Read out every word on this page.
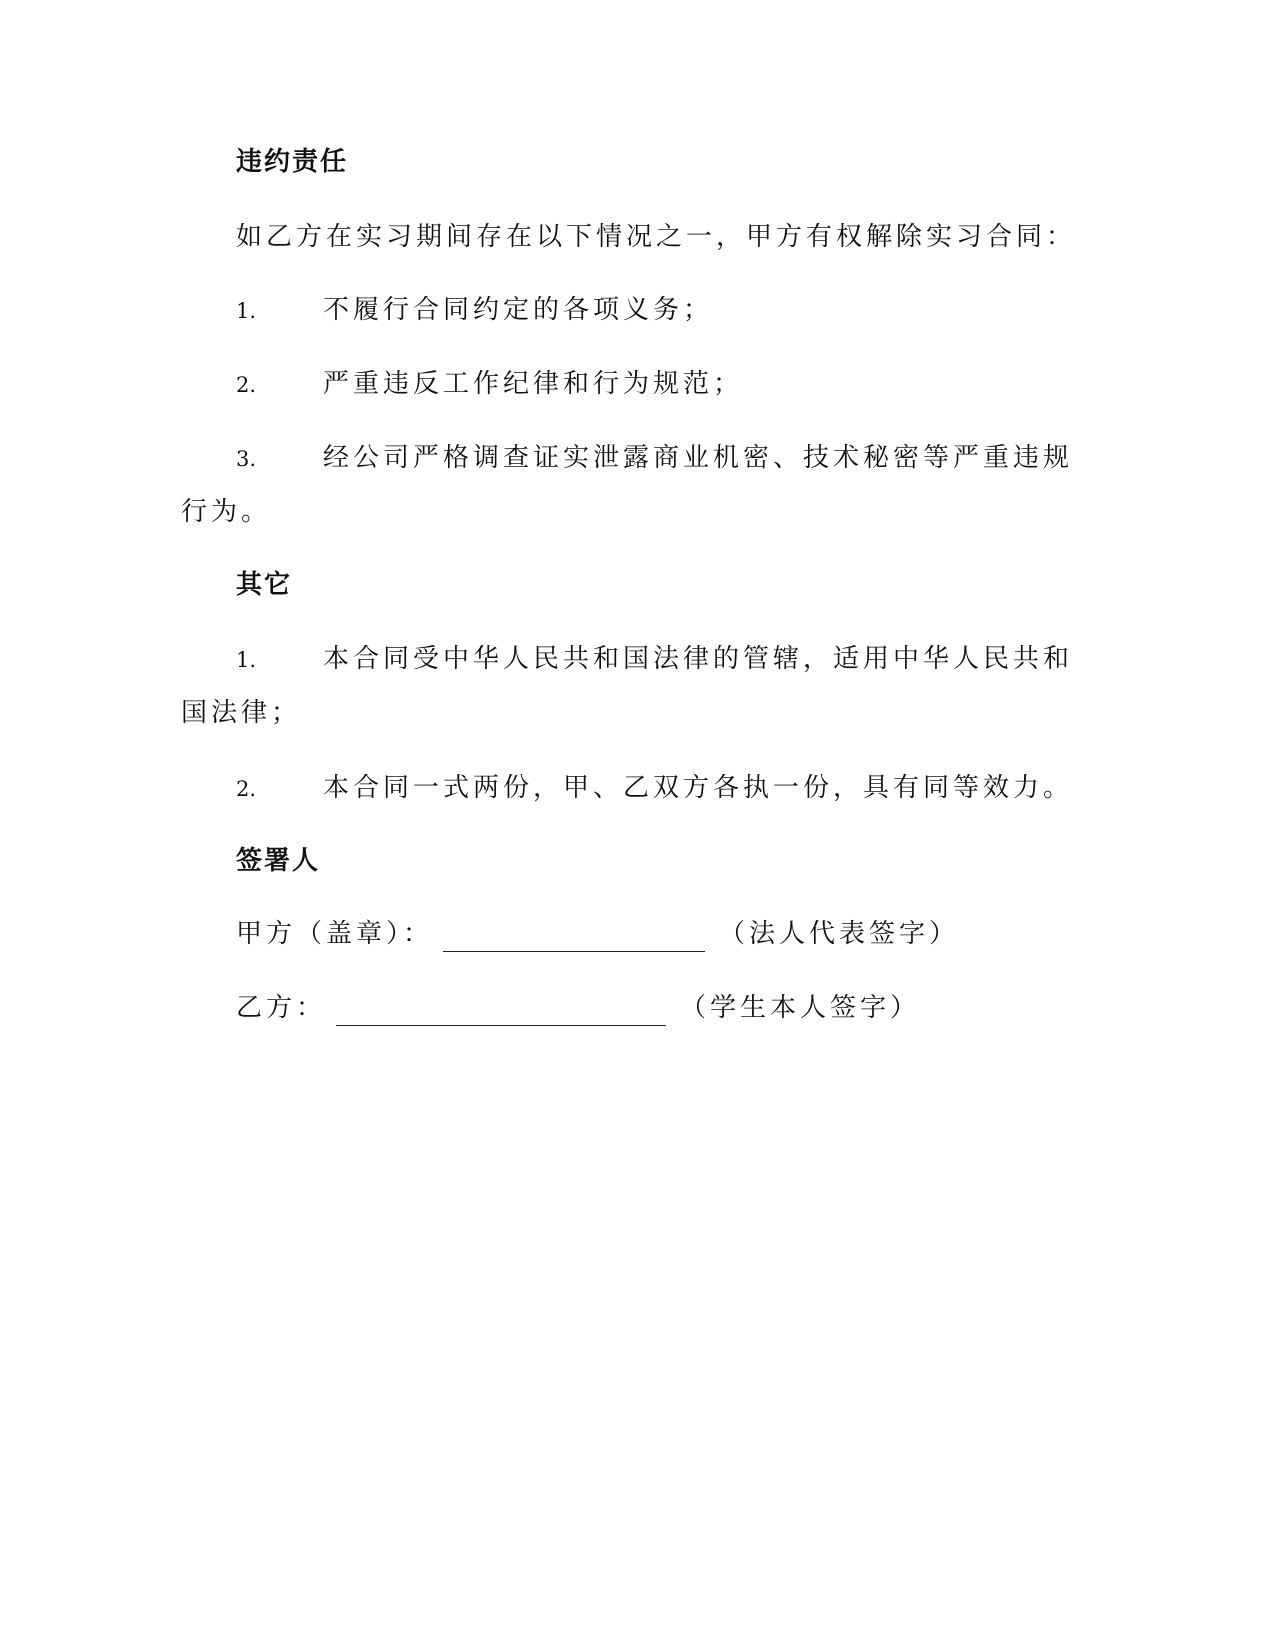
违约责任
如乙方在实习期间存在以下情况之一，甲方有权解除实习合同：
1.	不履行合同约定的各项义务；
2.	严重违反工作纪律和行为规范；
3.	经公司严格调查证实泄露商业机密、技术秘密等严重违规
行为。
其它
1.	本合同受中华人民共和国法律的管辖，适用中华人民共和
国法律；
2.	本合同一式两份，甲、乙双方各执一份，具有同等效力。
签署人
甲方（盖章）：	（法人代表签字）
乙方：	（学生本人签字）
